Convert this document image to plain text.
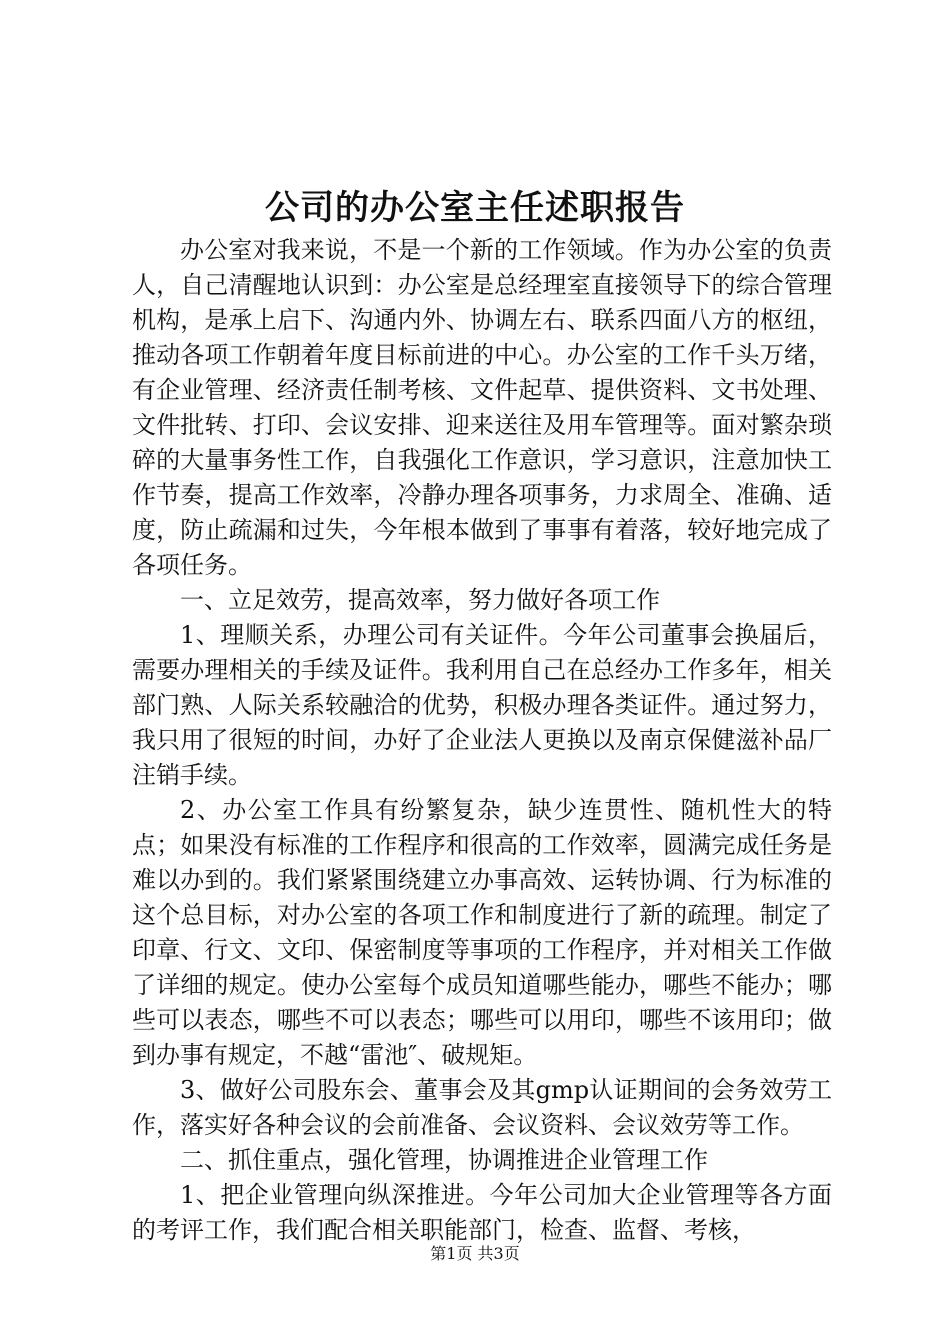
公司的办公室主任述职报告

办公室对我来说，不是一个新的工作领域。作为办公室的负责人，自己清醒地认识到：办公室是总经理室直接领导下的综合管理机构，是承上启下、沟通内外、协调左右、联系四面八方的枢纽，推动各项工作朝着年度目标前进的中心。办公室的工作千头万绪，有企业管理、经济责任制考核、文件起草、提供资料、文书处理、文件批转、打印、会议安排、迎来送往及用车管理等。面对繁杂琐碎的大量事务性工作，自我强化工作意识，学习意识，注意加快工作节奏，提高工作效率，冷静办理各项事务，力求周全、准确、适度，防止疏漏和过失，今年根本做到了事事有着落，较好地完成了各项任务。

一、立足效劳，提高效率，努力做好各项工作

1、理顺关系，办理公司有关证件。今年公司董事会换届后，需要办理相关的手续及证件。我利用自己在总经办工作多年，相关部门熟、人际关系较融洽的优势，积极办理各类证件。通过努力，我只用了很短的时间，办好了企业法人更换以及南京保健滋补品厂注销手续。

2、办公室工作具有纷繁复杂，缺少连贯性、随机性大的特点；如果没有标准的工作程序和很高的工作效率，圆满完成任务是难以办到的。我们紧紧围绕建立办事高效、运转协调、行为标准的这个总目标，对办公室的各项工作和制度进行了新的疏理。制定了印章、行文、文印、保密制度等事项的工作程序，并对相关工作做了详细的规定。使办公室每个成员知道哪些能办，哪些不能办；哪些可以表态，哪些不可以表态；哪些可以用印，哪些不该用印；做到办事有规定，不越“雷池″、破规矩。

3、做好公司股东会、董事会及其gmp认证期间的会务效劳工作，落实好各种会议的会前准备、会议资料、会议效劳等工作。

二、抓住重点，强化管理，协调推进企业管理工作

1、把企业管理向纵深推进。今年公司加大企业管理等各方面的考评工作，我们配合相关职能部门，检查、监督、考核，

第1页 共3页
